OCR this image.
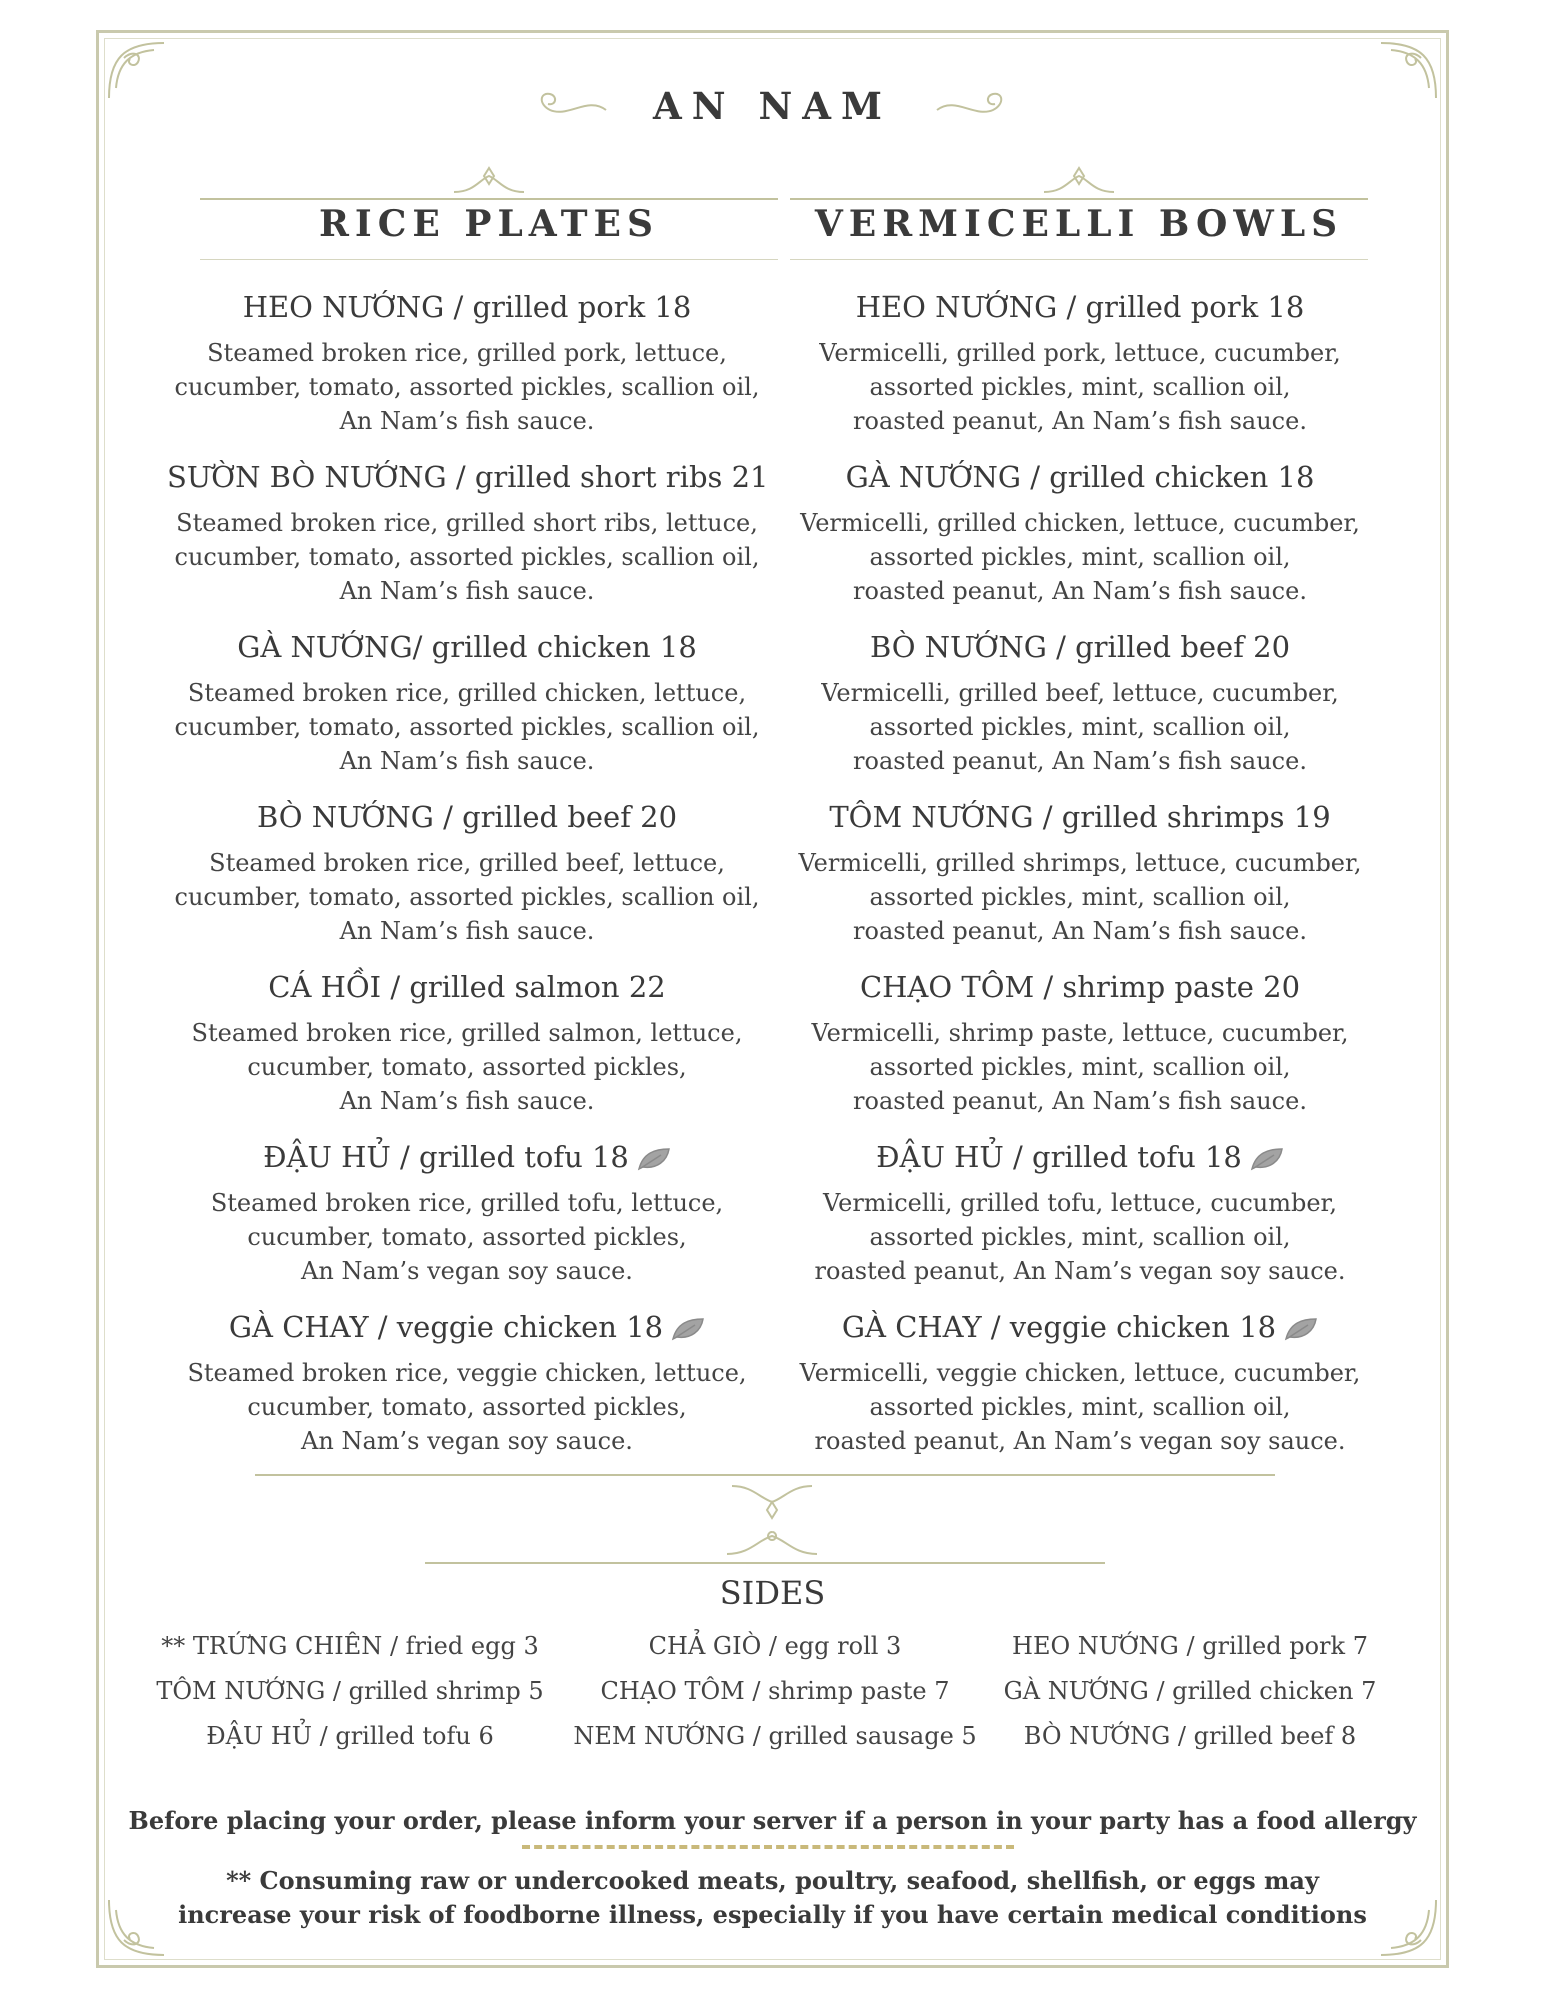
AN NAM
RICE PLATES	VERMICELLI BOWLS
HEO NƯỚNG / grilled pork 18
Steamed broken rice, grilled pork, lettuce,
cucumber, tomato, assorted pickles, scallion oil,
An Nam’s fish sauce.
SƯỜN BÒ NƯỚNG / grilled short ribs 21
Steamed broken rice, grilled short ribs, lettuce,
cucumber, tomato, assorted pickles, scallion oil,
An Nam’s fish sauce.
GÀ NƯỚNG/ grilled chicken 18
Steamed broken rice, grilled chicken, lettuce,
cucumber, tomato, assorted pickles, scallion oil,
An Nam’s fish sauce.
BÒ NƯỚNG / grilled beef 20
Steamed broken rice, grilled beef, lettuce,
cucumber, tomato, assorted pickles, scallion oil,
An Nam’s fish sauce.
CÁ HỒI / grilled salmon 22
Steamed broken rice, grilled salmon, lettuce,
cucumber, tomato, assorted pickles,
An Nam’s fish sauce.
ĐẬU HỦ / grilled tofu 18
Steamed broken rice, grilled tofu, lettuce,
cucumber, tomato, assorted pickles,
An Nam’s vegan soy sauce.
GÀ CHAY / veggie chicken 18
Steamed broken rice, veggie chicken, lettuce,
cucumber, tomato, assorted pickles,
An Nam’s vegan soy sauce.
HEO NƯỚNG / grilled pork 18
Vermicelli, grilled pork, lettuce, cucumber,
assorted pickles, mint, scallion oil,
roasted peanut, An Nam’s fish sauce.
GÀ NƯỚNG / grilled chicken 18
Vermicelli, grilled chicken, lettuce, cucumber,
assorted pickles, mint, scallion oil,
roasted peanut, An Nam’s fish sauce.
BÒ NƯỚNG / grilled beef 20
Vermicelli, grilled beef, lettuce, cucumber,
assorted pickles, mint, scallion oil,
roasted peanut, An Nam’s fish sauce.
TÔM NƯỚNG / grilled shrimps 19
Vermicelli, grilled shrimps, lettuce, cucumber,
assorted pickles, mint, scallion oil,
roasted peanut, An Nam’s fish sauce.
CHẠO TÔM / shrimp paste 20
Vermicelli, shrimp paste, lettuce, cucumber,
assorted pickles, mint, scallion oil,
roasted peanut, An Nam’s fish sauce.
ĐẬU HỦ / grilled tofu 18
Vermicelli, grilled tofu, lettuce, cucumber,
assorted pickles, mint, scallion oil,
roasted peanut, An Nam’s vegan soy sauce.
GÀ CHAY / veggie chicken 18
Vermicelli, veggie chicken, lettuce, cucumber,
assorted pickles, mint, scallion oil,
roasted peanut, An Nam’s vegan soy sauce.
SIDES
** TRỨNG CHIÊN / fried egg 3
TÔM NƯỚNG / grilled shrimp 5
ĐẬU HỦ / grilled tofu 6
CHẢ GIÒ / egg roll 3
CHẠO TÔM / shrimp paste 7
NEM NƯỚNG / grilled sausage 5
HEO NƯỚNG / grilled pork 7
GÀ NƯỚNG / grilled chicken 7
BÒ NƯỚNG / grilled beef 8
Before placing your order, please inform your server if a person in your party has a food allergy
** Consuming raw or undercooked meats, poultry, seafood, shellfish, or eggs may
increase your risk of foodborne illness, especially if you have certain medical conditions
